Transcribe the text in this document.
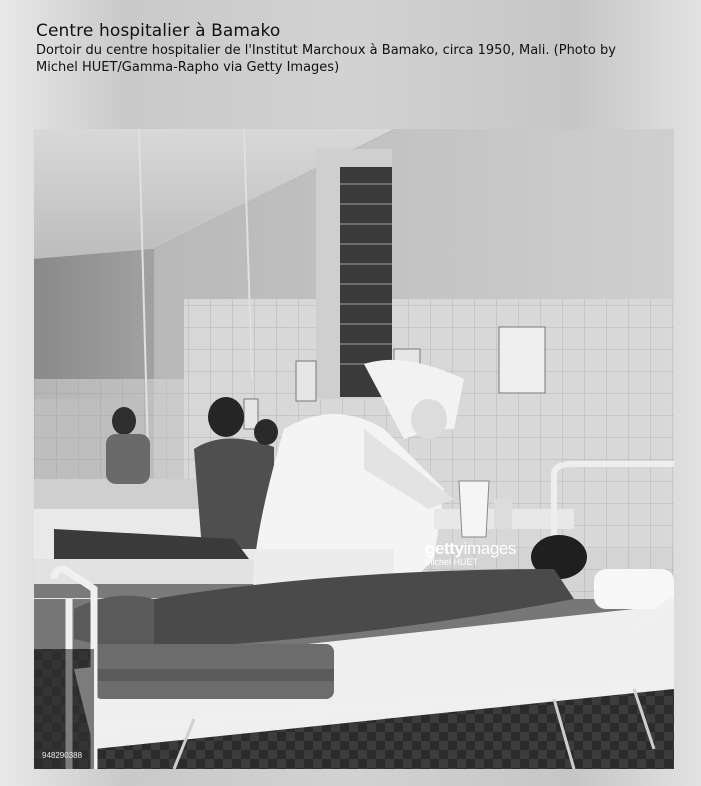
Centre hospitalier à Bamako
Dortoir du centre hospitalier de l'Institut Marchoux à Bamako, circa 1950, Mali. (Photo by Michel HUET/Gamma-Rapho via Getty Images)
gettyimages
Michel HUET
948290388
